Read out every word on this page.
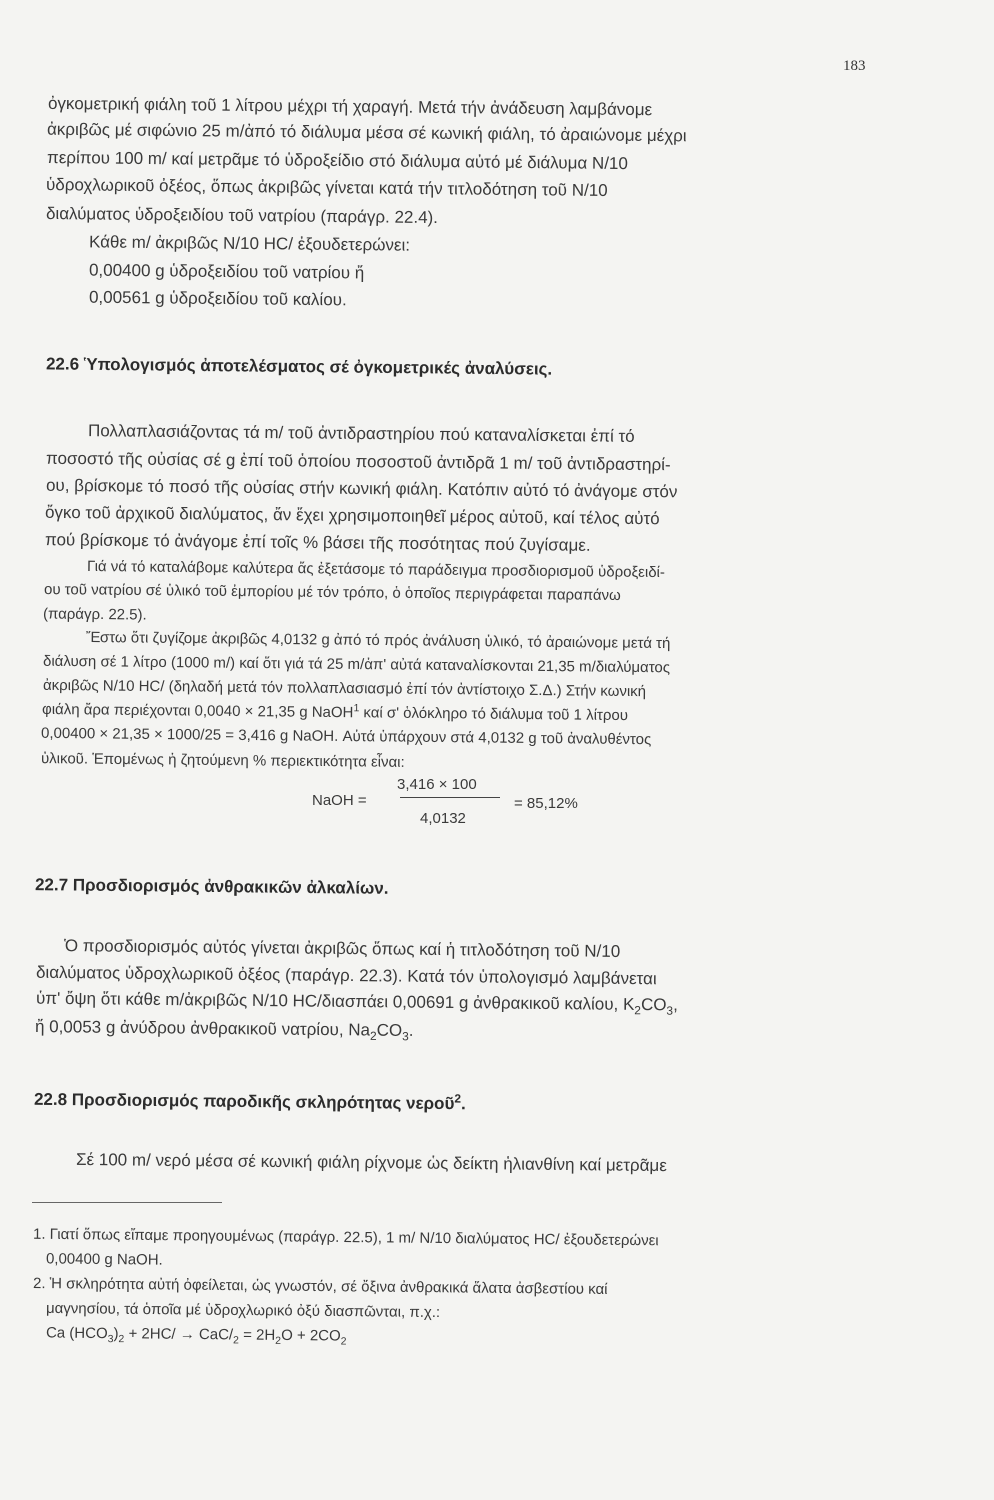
183
ὀγκομετρική φιάλη τοῦ 1 λίτρου μέχρι τή χαραγή. Μετά τήν ἀνάδευση λαμβάνομε
ἀκριβῶς μέ σιφώνιο 25 m/ἀπό τό διάλυμα μέσα σέ κωνική φιάλη, τό ἀραιώνομε μέχρι
περίπου 100 m/ καί μετρᾶμε τό ὑδροξείδιο στό διάλυμα αὐτό μέ διάλυμα N/10
ὑδροχλωρικοῦ ὀξέος, ὅπως ἀκριβῶς γίνεται κατά τήν τιτλοδότηση τοῦ N/10
διαλύματος ὑδροξειδίου τοῦ νατρίου (παράγρ. 22.4).
Κάθε m/ ἀκριβῶς N/10 HC/ ἐξουδετερώνει:
0,00400 g ὑδροξειδίου τοῦ νατρίου ἤ
0,00561 g ὑδροξειδίου τοῦ καλίου.
22.6 Ὑπολογισμός ἀποτελέσματος σέ ὀγκομετρικές ἀναλύσεις.
Πολλαπλασιάζοντας τά m/ τοῦ ἀντιδραστηρίου πού καταναλίσκεται ἐπί τό
ποσοστό τῆς οὐσίας σέ g ἐπί τοῦ ὁποίου ποσοστοῦ ἀντιδρᾶ 1 m/ τοῦ ἀντιδραστηρί-
ου, βρίσκομε τό ποσό τῆς οὐσίας στήν κωνική φιάλη. Κατόπιν αὐτό τό ἀνάγομε στόν
ὄγκο τοῦ ἀρχικοῦ διαλύματος, ἄν ἔχει χρησιμοποιηθεῖ μέρος αὐτοῦ, καί τέλος αὐτό
πού βρίσκομε τό ἀνάγομε ἐπί τοῖς % βάσει τῆς ποσότητας πού ζυγίσαμε.
Γιά νά τό καταλάβομε καλύτερα ἄς ἐξετάσομε τό παράδειγμα προσδιορισμοῦ ὑδροξειδί-
ου τοῦ νατρίου σέ ὑλικό τοῦ ἐμπορίου μέ τόν τρόπο, ὁ ὁποῖος περιγράφεται παραπάνω
(παράγρ. 22.5).
Ἔστω ὅτι ζυγίζομε ἀκριβῶς 4,0132 g ἀπό τό πρός ἀνάλυση ὑλικό, τό ἀραιώνομε μετά τή
διάλυση σέ 1 λίτρο (1000 m/) καί ὅτι γιά τά 25 m/ἀπ' αὐτά καταναλίσκονται 21,35 m/διαλύματος
ἀκριβῶς N/10 HC/ (δηλαδή μετά τόν πολλαπλασιασμό ἐπί τόν ἀντίστοιχο Σ.Δ.) Στήν κωνική
φιάλη ἄρα περιέχονται 0,0040 × 21,35 g NaOH$^1$ καί σ' ὁλόκληρο τό διάλυμα τοῦ 1 λίτρου
0,00400 × 21,35 × 1000/25 = 3,416 g NaOH. Αὐτά ὑπάρχουν στά 4,0132 g τοῦ ἀναλυθέντος
ὑλικοῦ. Ἑπομένως ἡ ζητούμενη % περιεκτικότητα εἶναι:
3,416 × 100
NaOH =	= 85,12%
4,0132
22.7 Προσδιορισμός ἀνθρακικῶν ἀλκαλίων.
Ὁ προσδιορισμός αὐτός γίνεται ἀκριβῶς ὅπως καί ἡ τιτλοδότηση τοῦ N/10
διαλύματος ὑδροχλωρικοῦ ὀξέος (παράγρ. 22.3). Κατά τόν ὑπολογισμό λαμβάνεται
ὑπ' ὄψη ὅτι κάθε m/ἀκριβῶς N/10 HC/διασπάει 0,00691 g ἀνθρακικοῦ καλίου, $K_2CO_3$,
ἤ 0,0053 g ἀνύδρου ἀνθρακικοῦ νατρίου, $Na_2CO_3$.
22.8 Προσδιορισμός παροδικῆς σκληρότητας νεροῦ$^2$.
Σέ 100 m/ νερό μέσα σέ κωνική φιάλη ρίχνομε ὡς δείκτη ἡλιανθίνη καί μετρᾶμε
1. Γιατί ὅπως εἴπαμε προηγουμένως (παράγρ. 22.5), 1 m/ N/10 διαλύματος HC/ ἐξουδετερώνει
0,00400 g NaOH.
2. Ἡ σκληρότητα αὐτή ὀφείλεται, ὡς γνωστόν, σέ ὄξινα ἀνθρακικά ἅλατα ἀσβεστίου καί
μαγνησίου, τά ὁποῖα μέ ὑδροχλωρικό ὀξύ διασπῶνται, π.χ.:
Ca $(HCO_3)_2 + 2HC/ \to CaC/_2 = 2H_2O + 2CO_2$
